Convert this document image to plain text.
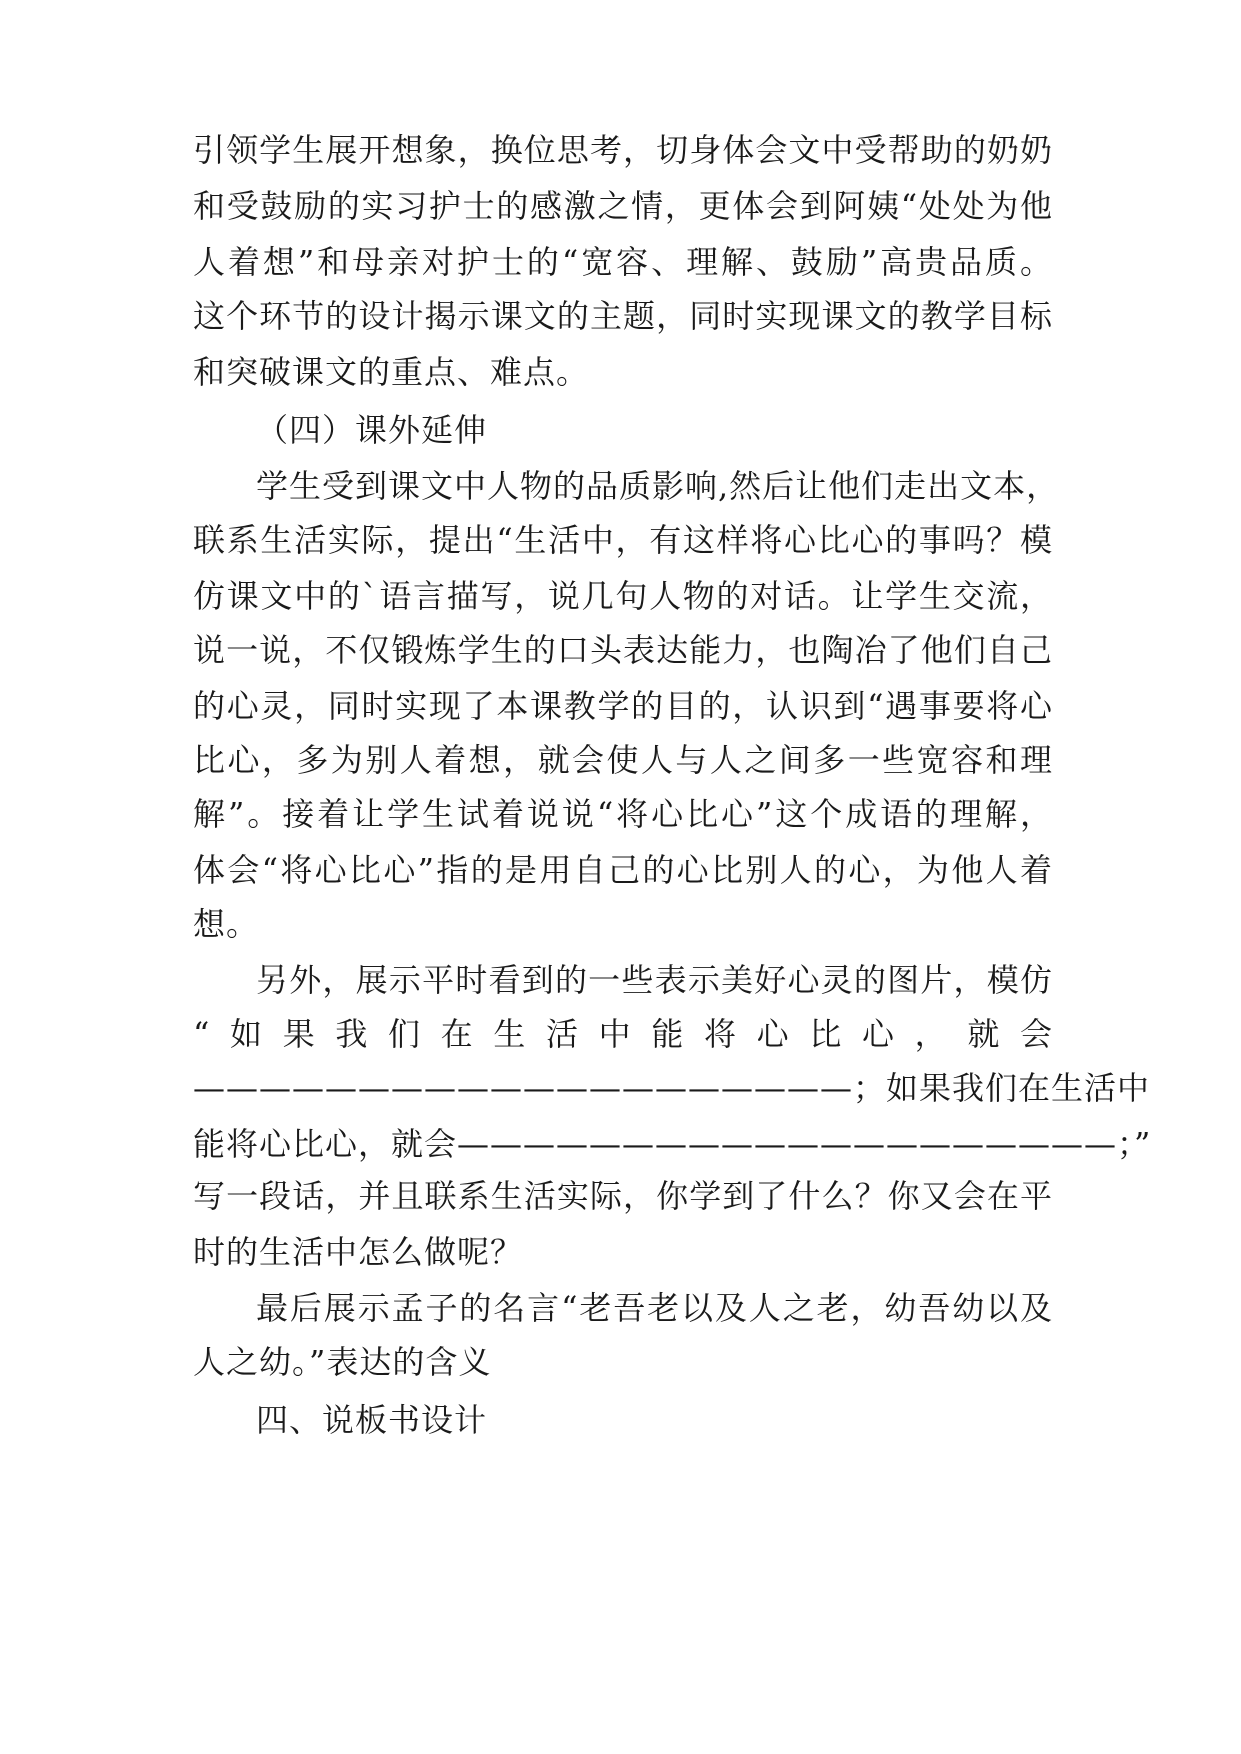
引领学生展开想象，换位思考，切身体会文中受帮助的奶奶
和受鼓励的实习护士的感激之情，更体会到阿姨“处处为他
人着想”和母亲对护士的“宽容、理解、鼓励”高贵品质。
这个环节的设计揭示课文的主题，同时实现课文的教学目标
和突破课文的重点、难点。
（四）课外延伸
学生受到课文中人物的品质影响,然后让他们走出文本，
联系生活实际，提出“生活中，有这样将心比心的事吗？模
仿课文中的`语言描写，说几句人物的对话。让学生交流，
说一说，不仅锻炼学生的口头表达能力，也陶冶了他们自己
的心灵，同时实现了本课教学的目的，认识到“遇事要将心
比心，多为别人着想，就会使人与人之间多一些宽容和理
解”。接着让学生试着说说“将心比心”这个成语的理解，
体会“将心比心”指的是用自己的心比别人的心，为他人着
想。
另外，展示平时看到的一些表示美好心灵的图片，模仿
“如果我们在生活中能将心比心，就会
————————————————————；如果我们在生活中
能将心比心，就会————————————————————；”
写一段话，并且联系生活实际，你学到了什么？你又会在平
时的生活中怎么做呢？
最后展示孟子的名言“老吾老以及人之老，幼吾幼以及
人之幼。”表达的含义
四、说板书设计
